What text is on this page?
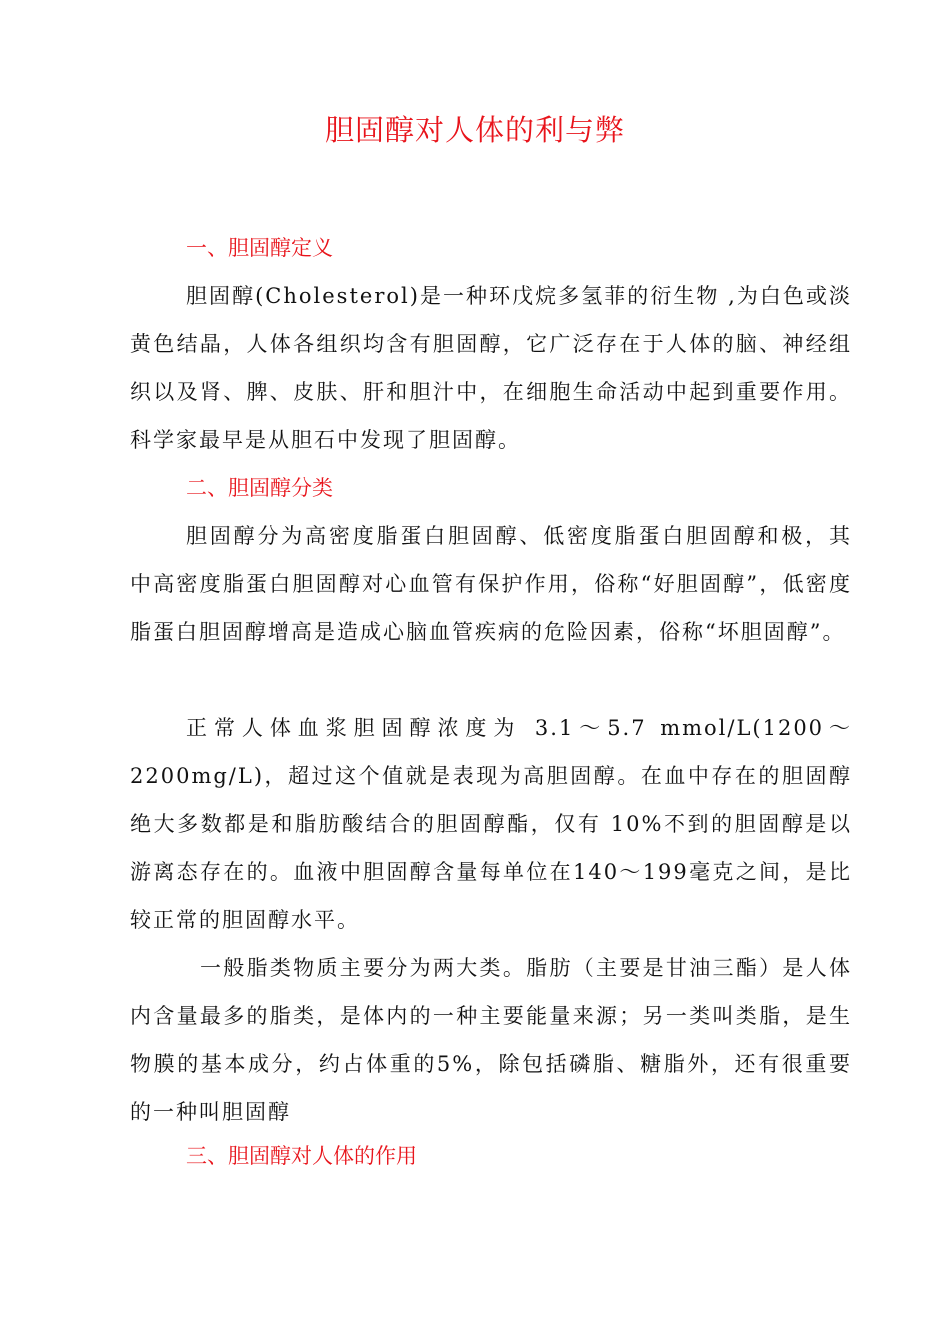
胆固醇对人体的利与弊
一、胆固醇定义

胆固醇(Cholesterol)是一种环戊烷多氢菲的衍生物 ,为白色或淡黄色结晶，人体各组织均含有胆固醇，它广泛存在于人体的脑、神经组织以及肾、脾、皮肤、肝和胆汁中，在细胞生命活动中起到重要作用。科学家最早是从胆石中发现了胆固醇。

二、胆固醇分类

胆固醇分为高密度脂蛋白胆固醇、低密度脂蛋白胆固醇和极，其中高密度脂蛋白胆固醇对心血管有保护作用，俗称“好胆固醇”，低密度脂蛋白胆固醇增高是造成心脑血管疾病的危险因素，俗称“坏胆固醇”。

正常人体血浆胆固醇浓度为 3.1～5.7 mmol/L(1200～2200mg/L)，超过这个值就是表现为高胆固醇。在血中存在的胆固醇绝大多数都是和脂肪酸结合的胆固醇酯，仅有 10%不到的胆固醇是以游离态存在的。血液中胆固醇含量每单位在140～199毫克之间，是比较正常的胆固醇水平。

一般脂类物质主要分为两大类。脂肪（主要是甘油三酯）是人体内含量最多的脂类，是体内的一种主要能量来源；另一类叫类脂，是生物膜的基本成分，约占体重的5%，除包括磷脂、糖脂外，还有很重要的一种叫胆固醇

三、胆固醇对人体的作用
